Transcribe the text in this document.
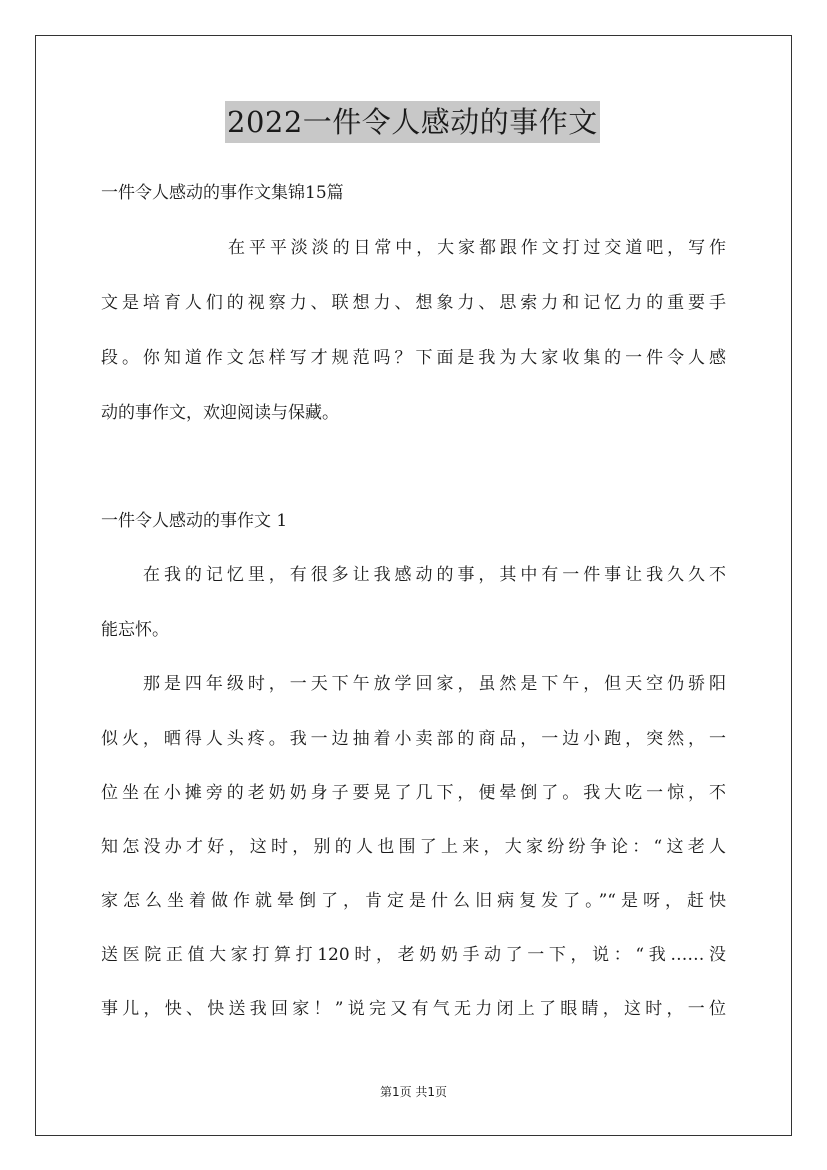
2022一件令人感动的事作文
一件令人感动的事作文集锦15篇
在平平淡淡的日常中，大家都跟作文打过交道吧，写作
文是培育人们的视察力、联想力、想象力、思索力和记忆力的重要手
段。你知道作文怎样写才规范吗？下面是我为大家收集的一件令人感
动的事作文，欢迎阅读与保藏。
一件令人感动的事作文 1
在我的记忆里，有很多让我感动的事，其中有一件事让我久久不
能忘怀。
那是四年级时，一天下午放学回家，虽然是下午，但天空仍骄阳
似火，晒得人头疼。我一边抽着小卖部的商品，一边小跑，突然，一
位坐在小摊旁的老奶奶身子要晃了几下，便晕倒了。我大吃一惊，不
知怎没办才好，这时，别的人也围了上来，大家纷纷争论：“这老人
家怎么坐着做作就晕倒了，肯定是什么旧病复发了。”“是呀，赶快
送医院正值大家打算打120时，老奶奶手动了一下，说：“我……没
事儿，快、快送我回家！”说完又有气无力闭上了眼睛，这时，一位
第1页 共1页
